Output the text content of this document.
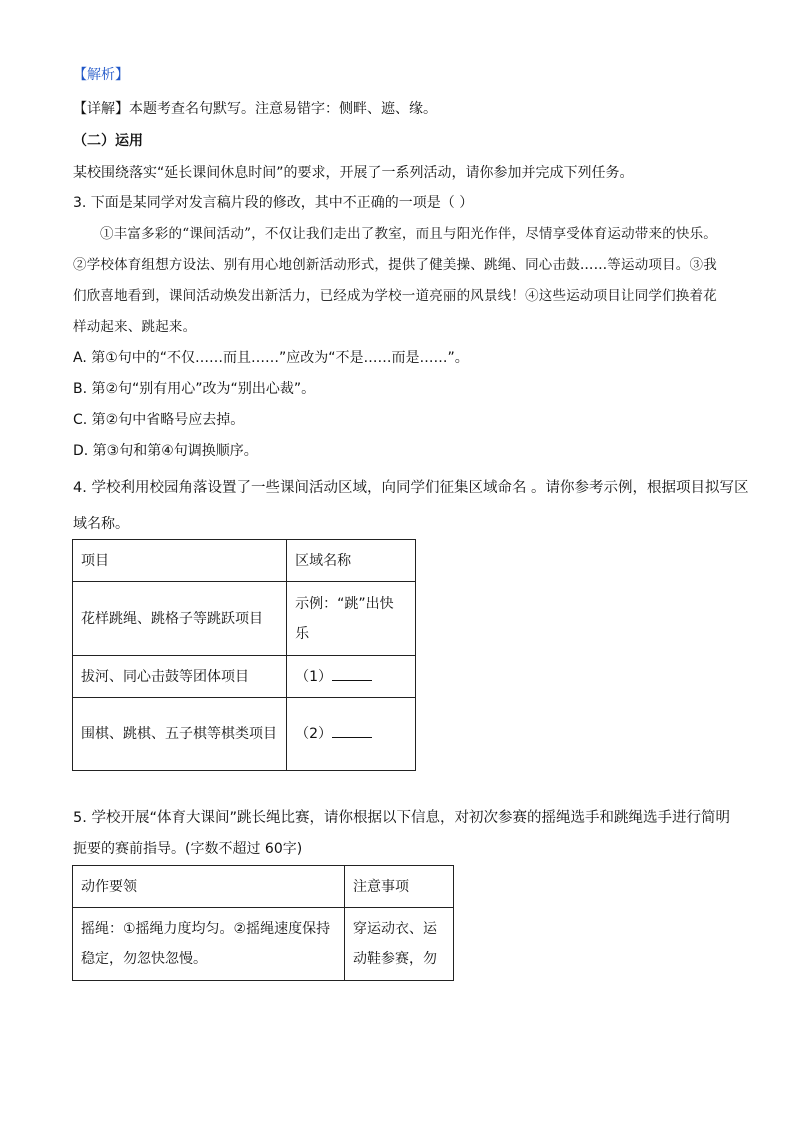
【解析】
【详解】本题考查名句默写。注意易错字：侧畔、遮、缘。
（二）运用
某校围绕落实“延长课间休息时间”的要求，开展了一系列活动，请你参加并完成下列任务。
3. 下面是某同学对发言稿片段的修改，其中不正确的一项是（ ）

①丰富多彩的“课间活动”，不仅让我们走出了教室，而且与阳光作伴，尽情享受体育运动带来的快乐。②学校体育组想方设法、别有用心地创新活动形式，提供了健美操、跳绳、同心击鼓……等运动项目。③我们欣喜地看到，课间活动焕发出新活力，已经成为学校一道亮丽的风景线！④这些运动项目让同学们换着花样动起来、跳起来。

A. 第①句中的“不仅……而且……”应改为“不是……而是……”。
B. 第②句“别有用心”改为“别出心裁”。
C. 第②句中省略号应去掉。
D. 第③句和第④句调换顺序。
4. 学校利用校园角落设置了一些课间活动区域，向同学们征集区域命名 。请你参考示例，根据项目拟写区
域名称。
项目	区域名称
花样跳绳、跳格子等跳跃项目	示例：“跳”出快乐
拔河、同心击鼓等团体项目	（1）
围棋、跳棋、五子棋等棋类项目	（2）
5. 学校开展“体育大课间”跳长绳比赛，请你根据以下信息，对初次参赛的摇绳选手和跳绳选手进行简明
扼要的赛前指导。(字数不超过 60字)
动作要领	注意事项
摇绳：①摇绳力度均匀。②摇绳速度保持稳定，勿忽快忽慢。	穿运动衣、运动鞋参赛，勿
